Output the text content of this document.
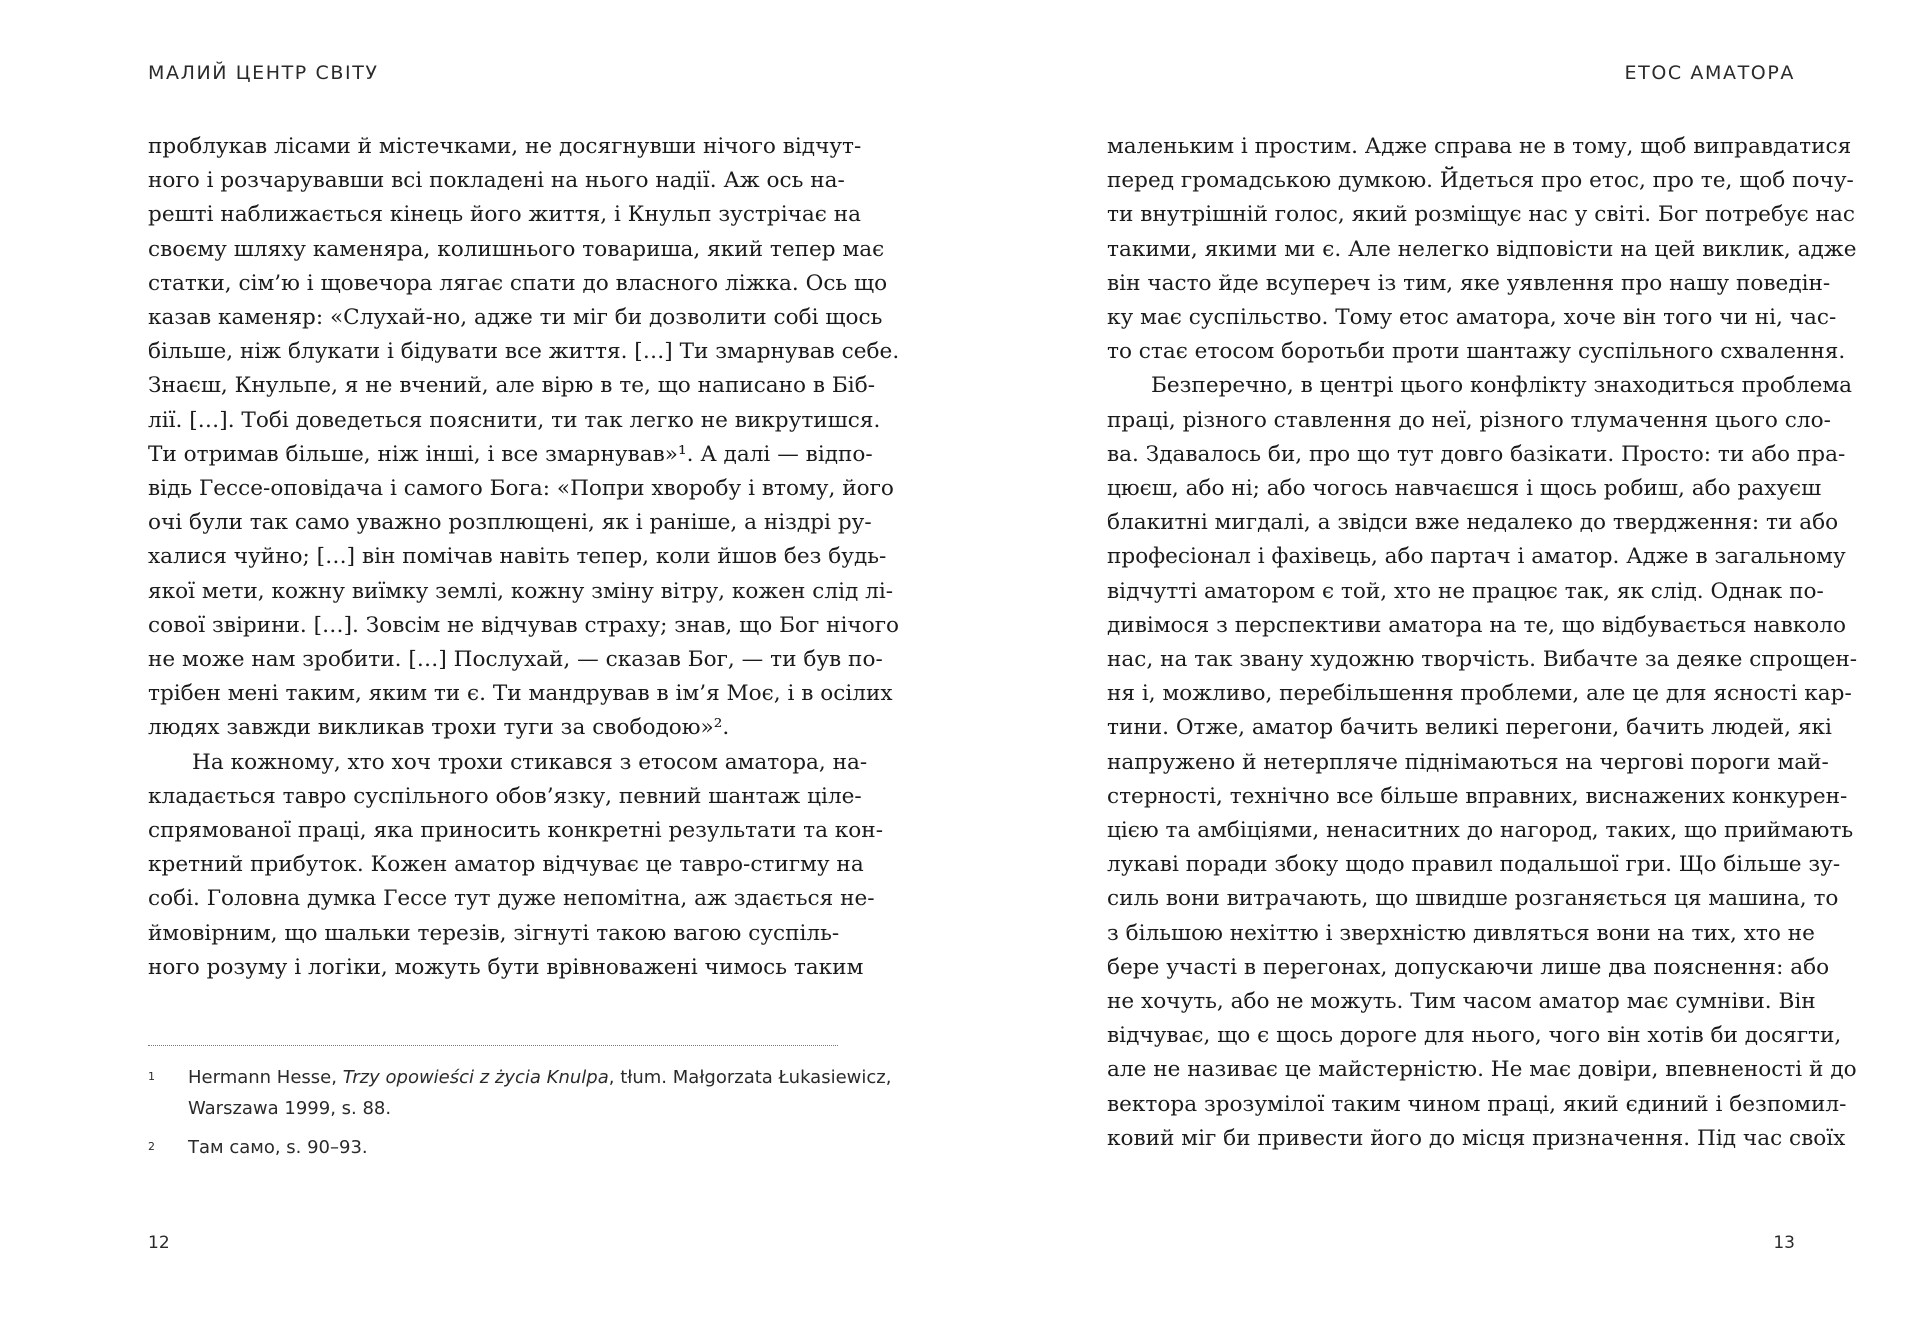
МАЛИЙ ЦЕНТР СВІТУ
проблукав лісами й містечками, не досягнувши нічого відчут-
ного і розчарувавши всі покладені на нього надії. Аж ось на-
решті наближається кінець його життя, і Кнульп зустрічає на
своєму шляху каменяра, колишнього товариша, який тепер має
статки, сім’ю і щовечора лягає спати до власного ліжка. Ось що
казав каменяр: «Слухай-но, адже ти міг би дозволити собі щось
більше, ніж блукати і бідувати все життя. […] Ти змарнував себе.
Знаєш, Кнульпе, я не вчений, але вірю в те, що написано в Біб-
лії. […]. Тобі доведеться пояснити, ти так легко не викрутишся.
Ти отримав більше, ніж інші, і все змарнував»¹. А далі — відпо-
відь Гессе-оповідача і самого Бога: «Попри хворобу і втому, його
очі були так само уважно розплющені, як і раніше, а ніздрі ру-
халися чуйно; […] він помічав навіть тепер, коли йшов без будь-
якої мети, кожну виїмку землі, кожну зміну вітру, кожен слід лі-
сової звірини. […]. Зовсім не відчував страху; знав, що Бог нічого
не може нам зробити. […] Послухай, — сказав Бог, — ти був по-
трібен мені таким, яким ти є. Ти мандрував в ім’я Моє, і в осілих
людях завжди викликав трохи туги за свободою»².
На кожному, хто хоч трохи стикався з етосом аматора, на-
кладається тавро суспільного обов’язку, певний шантаж ціле-
спрямованої праці, яка приносить конкретні результати та кон-
кретний прибуток. Кожен аматор відчуває це тавро-стигму на
собі. Головна думка Гессе тут дуже непомітна, аж здається не-
ймовірним, що шальки терезів, зігнуті такою вагою суспіль-
ного розуму і логіки, можуть бути врівноважені чимось таким
1 Hermann Hesse, Trzy opowieści z życia Knulpa, tłum. Małgorzata Łukasiewicz,
Warszawa 1999, s. 88.
2 Там само, s. 90–93.
12
ЕТОС АМАТОРА
маленьким і простим. Адже справа не в тому, щоб виправдатися
перед громадською думкою. Йдеться про етос, про те, щоб почу-
ти внутрішній голос, який розміщує нас у світі. Бог потребує нас
такими, якими ми є. Але нелегко відповісти на цей виклик, адже
він часто йде всупереч із тим, яке уявлення про нашу поведін-
ку має суспільство. Тому етос аматора, хоче він того чи ні, час-
то стає етосом боротьби проти шантажу суспільного схвалення.
Безперечно, в центрі цього конфлікту знаходиться проблема
праці, різного ставлення до неї, різного тлумачення цього сло-
ва. Здавалось би, про що тут довго базікати. Просто: ти або пра-
цюєш, або ні; або чогось навчаєшся і щось робиш, або рахуєш
блакитні мигдалі, а звідси вже недалеко до твердження: ти або
професіонал і фахівець, або партач і аматор. Адже в загальному
відчутті аматором є той, хто не працює так, як слід. Однак по-
дивімося з перспективи аматора на те, що відбувається навколо
нас, на так звану художню творчість. Вибачте за деяке спрощен-
ня і, можливо, перебільшення проблеми, але це для ясності кар-
тини. Отже, аматор бачить великі перегони, бачить людей, які
напружено й нетерпляче піднімаються на чергові пороги май-
стерності, технічно все більше вправних, виснажених конкурен-
цією та амбіціями, ненаситних до нагород, таких, що приймають
лукаві поради збоку щодо правил подальшої гри. Що більше зу-
силь вони витрачають, що швидше розганяється ця машина, то
з більшою нехіттю і зверхністю дивляться вони на тих, хто не
бере участі в перегонах, допускаючи лише два пояснення: або
не хочуть, або не можуть. Тим часом аматор має сумніви. Він
відчуває, що є щось дороге для нього, чого він хотів би досягти,
але не називає це майстерністю. Не має довіри, впевненості й до
вектора зрозумілої таким чином праці, який єдиний і безпомил-
ковий міг би привести його до місця призначення. Під час своїх
13
